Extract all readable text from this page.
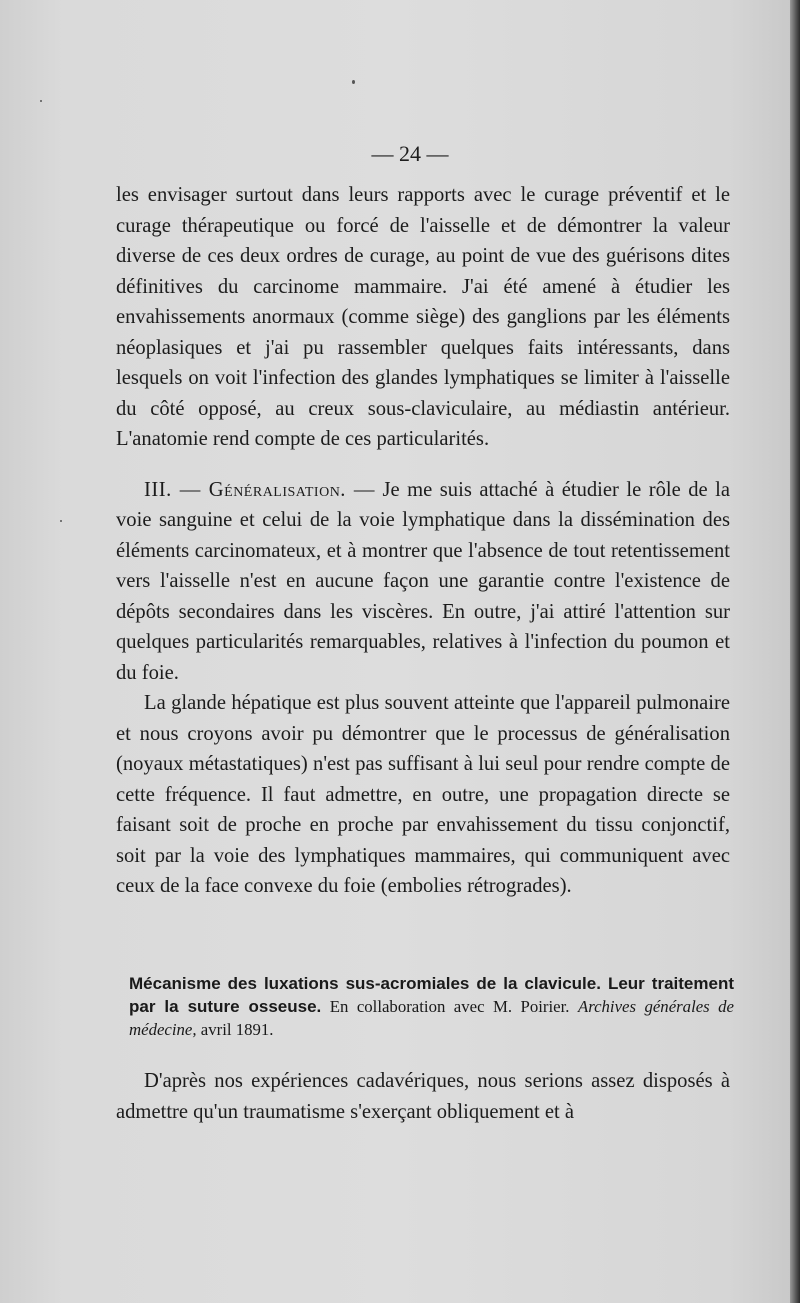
— 24 —

les envisager surtout dans leurs rapports avec le curage préventif et le curage thérapeutique ou forcé de l'aisselle et de démontrer la valeur diverse de ces deux ordres de curage, au point de vue des guérisons dites définitives du carcinome mammaire. J'ai été amené à étudier les envahissements anormaux (comme siège) des ganglions par les éléments néoplasiques et j'ai pu rassembler quelques faits intéressants, dans lesquels on voit l'infection des glandes lymphatiques se limiter à l'aisselle du côté opposé, au creux sous-claviculaire, au médiastin antérieur. L'anatomie rend compte de ces particularités.

III. — Généralisation. — Je me suis attaché à étudier le rôle de la voie sanguine et celui de la voie lymphatique dans la dissémination des éléments carcinomateux, et à montrer que l'absence de tout retentissement vers l'aisselle n'est en aucune façon une garantie contre l'existence de dépôts secondaires dans les viscères. En outre, j'ai attiré l'attention sur quelques particularités remarquables, relatives à l'infection du poumon et du foie.

La glande hépatique est plus souvent atteinte que l'appareil pulmonaire et nous croyons avoir pu démontrer que le processus de généralisation (noyaux métastatiques) n'est pas suffisant à lui seul pour rendre compte de cette fréquence. Il faut admettre, en outre, une propagation directe se faisant soit de proche en proche par envahissement du tissu conjonctif, soit par la voie des lymphatiques mammaires, qui communiquent avec ceux de la face convexe du foie (embolies rétrogrades).

Mécanisme des luxations sus-acromiales de la clavicule. Leur traitement par la suture osseuse. En collaboration avec M. Poirier. Archives générales de médecine, avril 1891.

D'après nos expériences cadavériques, nous serions assez disposés à admettre qu'un traumatisme s'exerçant obliquement et à
